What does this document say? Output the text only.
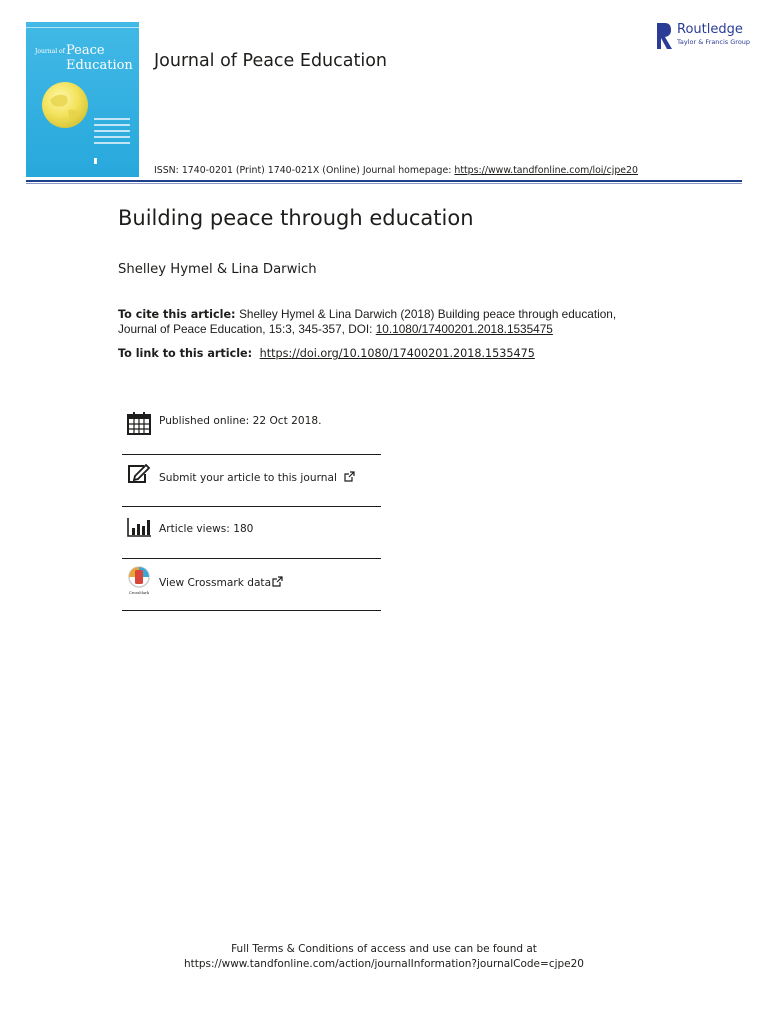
Journal of Peace
Education Journal of Peace Education
Routledge
Taylor & Francis Group
ISSN: 1740-0201 (Print) 1740-021X (Online) Journal homepage: https://www.tandfonline.com/loi/cjpe20
Building peace through education
Shelley Hymel & Lina Darwich
To cite this article: Shelley Hymel & Lina Darwich (2018) Building peace through education,
Journal of Peace Education, 15:3, 345-357, DOI: 10.1080/17400201.2018.1535475
To link to this article: https://doi.org/10.1080/17400201.2018.1535475
Published online: 22 Oct 2018.
Submit your article to this journal
Article views: 180
CrossMark
View Crossmark data
Full Terms & Conditions of access and use can be found at
https://www.tandfonline.com/action/journalInformation?journalCode=cjpe20
